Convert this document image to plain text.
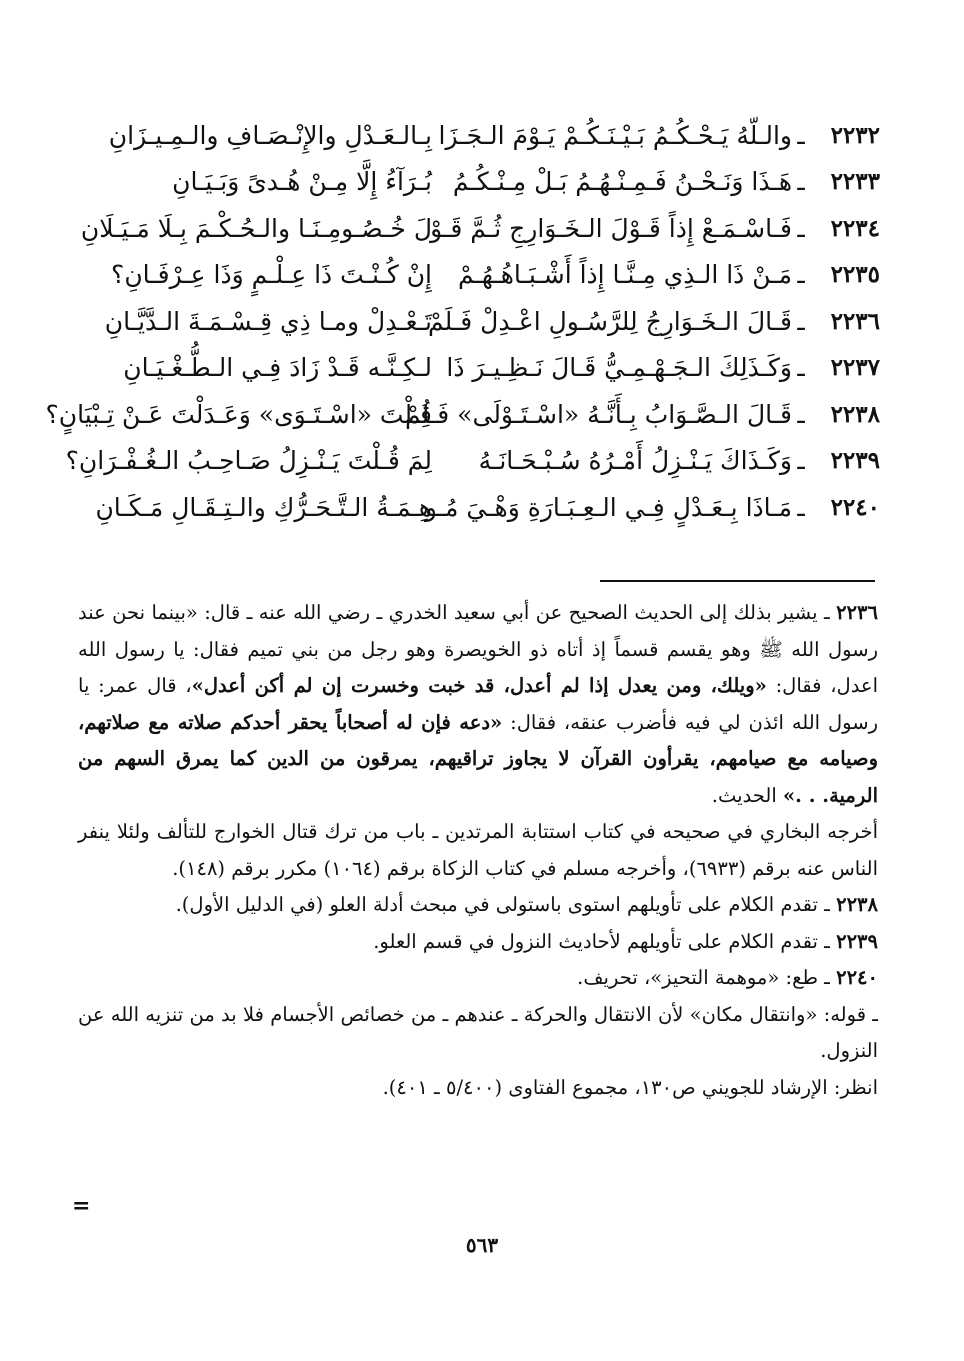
٢٢٣٢
ـ
والـلّهُ يَـحْـكُـمُ بَـيْـنَـكُـمْ يَـوْمَ الـجَـزَا
بِـالـعَـدْلِ والإِنْـصَـافِ والـمِـيـزَانِ
٢٢٣٣
ـ
هَـذَا وَنَـحْـنُ فَـمِـنْـهُـمُ بَـلْ مِـنْـكُـمُ
بُـرَآءُ إِلَّا مِـنْ هُـدىً وَبَـيَـانِ
٢٢٣٤
ـ
فَـاسْـمَـعْ إِذاً قَـوْلَ الـخَـوَارِجِ ثُـمَّ قَـوْ
لَ خُـصُـومِـنَـا والـحُـكْـمَ بِـلَا مَـيَـلَانِ
٢٢٣٥
ـ
مَـنْ ذَا الـذِي مِـنَّـا إِذاً أَشْـبَـاهُـهُـمْ
إِنْ كُـنْـتَ ذَا عِـلْـمٍ وَذَا عِـرْفَـانِ؟
٢٢٣٦
ـ
قَـالَ الـخَـوَارِجُ لِلرَّسُـولِ اعْـدِلْ فَـلَمْ
تَـعْـدِلْ ومـا ذِي قِـسْـمَـةَ الـدَّيَّـانِ
٢٢٣٧
ـ
وَكَـذَلِكَ الـجَـهْـمِـيُّ قَـالَ نَـظِـيـرَ ذَا
لـكِـنَّـه قَـدْ زَادَ فِـي الـطُّـغْـيَـانِ
٢٢٣٨
ـ
قَـالَ الـصَّـوَابُ بِـأَنَّـهُ «اسْـتَـوْلَى» فَـلِمْ
قُـلْتَ «اسْـتَـوَى» وَعَـدَلْتَ عَـنْ تِـبْيَانٍ؟
٢٢٣٩
ـ
وَكَـذَاكَ يَـنْـزِلُ أَمْـرُهُ سُـبْـحَـانَـهُ
لِمَ قُـلْتَ يَـنْـزِلُ صَـاحِـبُ الـغُـفْـرَانِ؟
٢٢٤٠
ـ
مَـاذَا بِـعَـدْلٍ فِـي الـعِـبَـارَةِ وَهْـيَ مُـو
هِـمَـةُ الـتَّـحَـرُّكِ والـتِـقَـالِ مَـكَـانِ

٢٢٣٦ ـ يشير بذلك إلى الحديث الصحيح عن أبي سعيد الخدري ـ رضي الله عنه ـ قال: «بينما نحن عند رسول الله ﷺ وهو يقسم قسماً إذ أتاه ذو الخويصرة وهو رجل من بني تميم فقال: يا رسول الله اعدل، فقال: «ويلك، ومن يعدل إذا لم أعدل، قد خبت وخسرت إن لم أكن أعدل»، قال عمر: يا رسول الله ائذن لي فيه فأضرب عنقه، فقال: «دعه فإن له أصحاباً يحقر أحدكم صلاته مع صلاتهم، وصيامه مع صيامهم، يقرأون القرآن لا يجاوز تراقيهم، يمرقون من الدين كما يمرق السهم من الرمية. . .» الحديث.
أخرجه البخاري في صحيحه في كتاب استتابة المرتدين ـ باب من ترك قتال الخوارج للتألف ولئلا ينفر الناس عنه برقم (٦٩٣٣)، وأخرجه مسلم في كتاب الزكاة برقم (١٠٦٤) مكرر برقم (١٤٨).

٢٢٣٨ ـ تقدم الكلام على تأويلهم استوى باستولى في مبحث أدلة العلو (في الدليل الأول).

٢٢٣٩ ـ تقدم الكلام على تأويلهم لأحاديث النزول في قسم العلو.

٢٢٤٠ ـ طع: «موهمة التحيز»، تحريف.

ـ قوله: «وانتقال مكان» لأن الانتقال والحركة ـ عندهم ـ من خصائص الأجسام فلا بد من تنزيه الله عن النزول.

انظر: الإرشاد للجويني ص١٣٠، مجموع الفتاوى (٥/٤٠٠ ـ ٤٠١).

=
٥٦٣
